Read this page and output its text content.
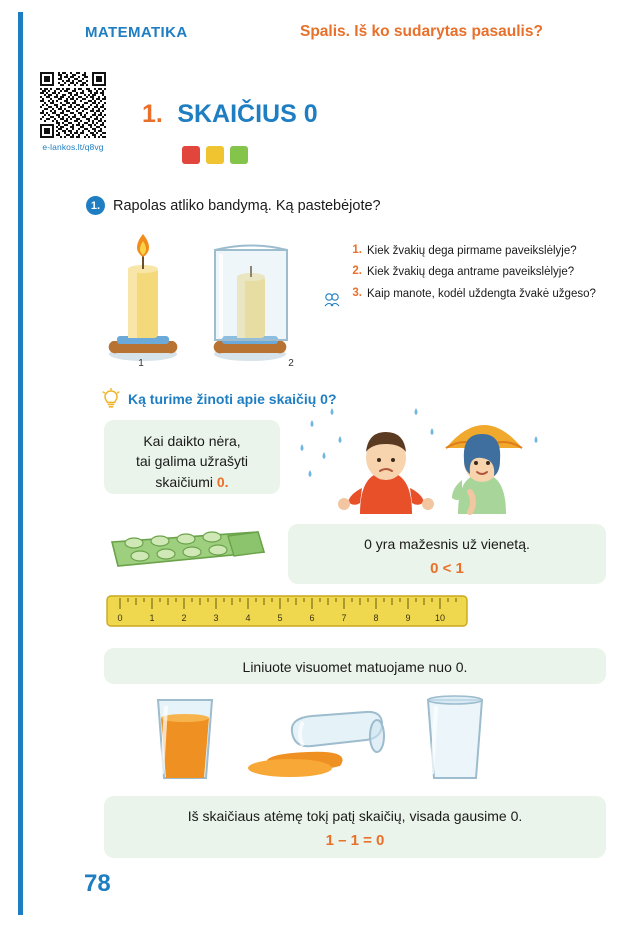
MATEMATIKA	Spalis. Iš ko sudarytas pasaulis?
e-lankos.lt/q8vg
1. SKAIČIUS 0
1. Rapolas atliko bandymą. Ką pastebėjote?
1	2
1. Kiek žvakių dega pirmame paveikslėlyje?
2. Kiek žvakių dega antrame paveikslėlyje?
3. Kaip manote, kodėl uždengta žvakė užgeso?
Ką turime žinoti apie skaičių 0?
Kai daikto nėra,
tai galima užrašyti
skaičiumi 0.
0 yra mažesnis už vienetą.
0 < 1
0	1	2	3	4	5	6	7	8	9	10
Liniuote visuomet matuojame nuo 0.
Iš skaičiaus atėmę tokį patį skaičių, visada gausime 0.
1 – 1 = 0
78
